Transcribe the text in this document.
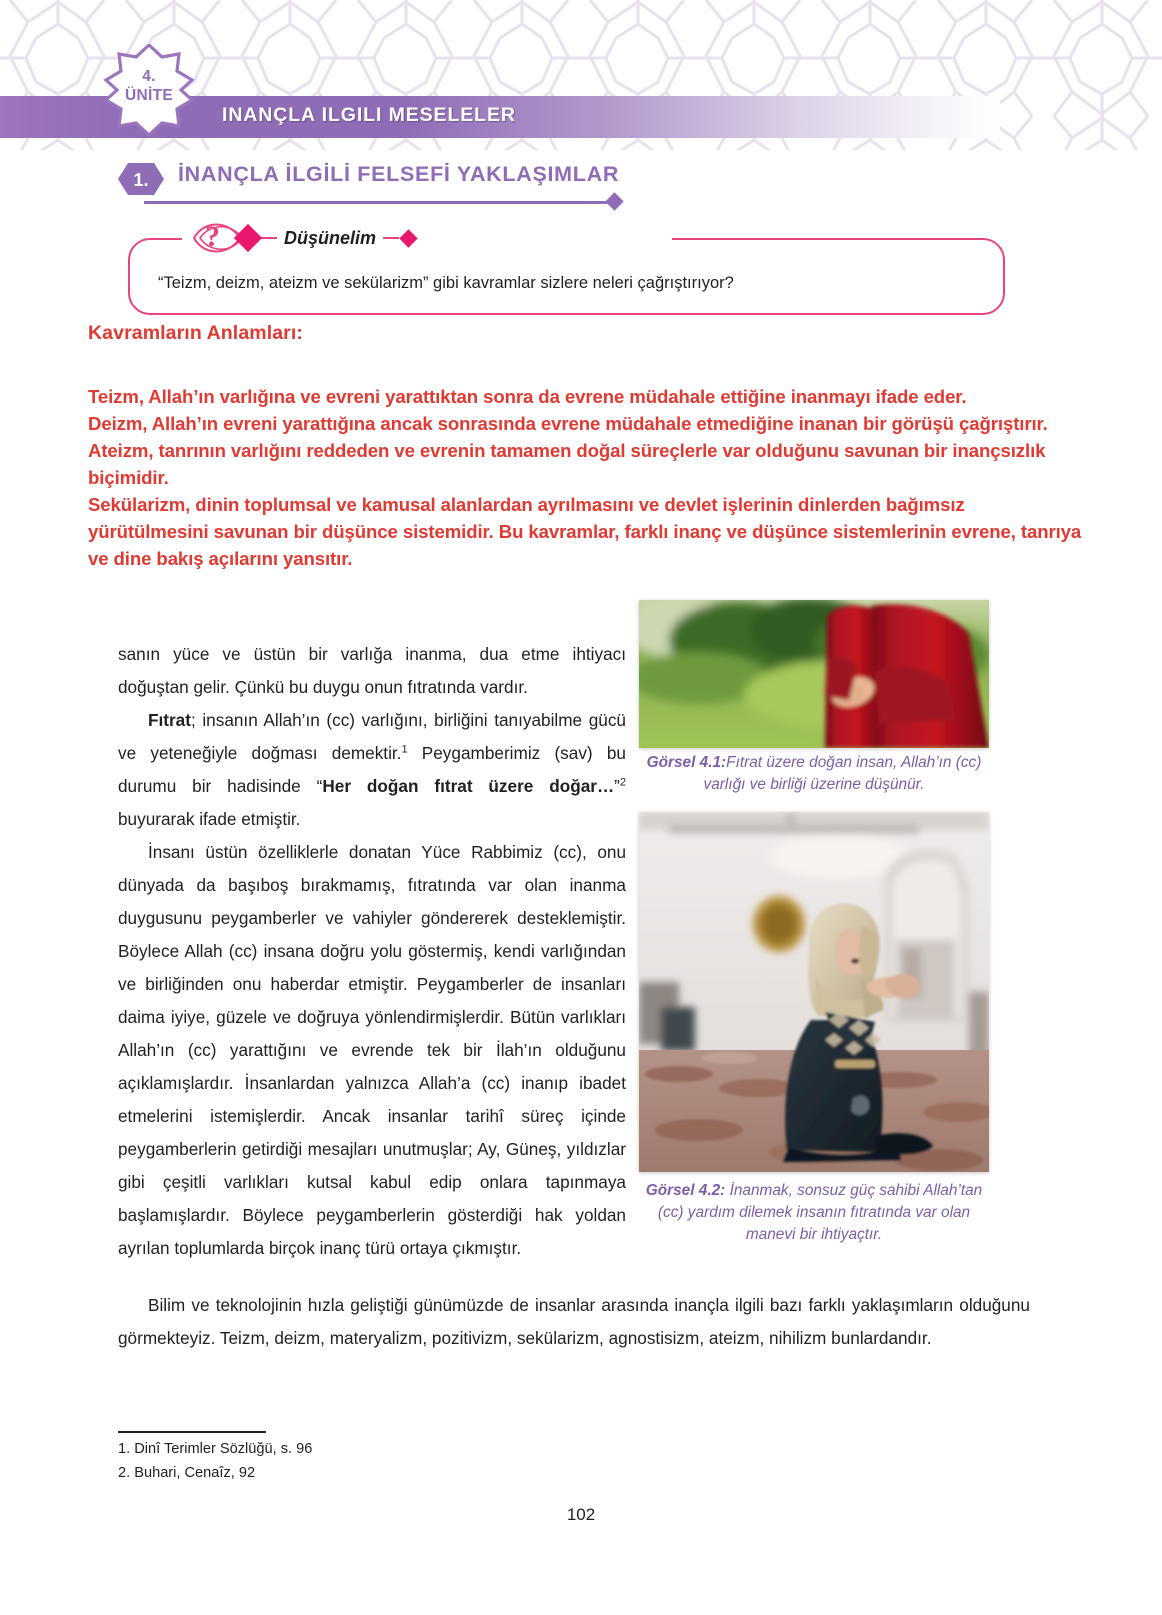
INANÇLA ILGILI MESELELER
4.
ÜNİTE
1.	İNANÇLA İLGİLİ FELSEFİ YAKLAŞIMLAR
?	Düşünelim
“Teizm, deizm, ateizm ve sekülarizm” gibi kavramlar sizlere neleri çağrıştırıyor?
Görsel 4.1:Fıtrat üzere doğan insan, Allah’ın (cc) varlığı ve birliği üzerine düşünür.
Görsel 4.2: İnanmak, sonsuz güç sahibi Allah’tan (cc) yardım dilemek insanın fıtratında var olan manevi bir ihtiyaçtır.

sanın yüce ve üstün bir varlığa inanma, dua etme ihtiyacı doğuştan gelir. Çünkü bu duygu onun fıtratında vardır.

Fıtrat; insanın Allah’ın (cc) varlığını, birliğini tanıyabilme gücü ve yeteneğiyle doğması demektir.$^1$ Peygamberimiz (sav) bu durumu bir hadisinde “Her doğan fıtrat üzere doğar…”$^2$ buyurarak ifade etmiştir.

İnsanı üstün özelliklerle donatan Yüce Rabbimiz (cc), onu dünyada da başıboş bırakmamış, fıtratında var olan inanma duygusunu peygamberler ve vahiyler göndererek desteklemiştir. Böylece Allah (cc) insana doğru yolu göstermiş, kendi varlığından ve birliğinden onu haberdar etmiştir. Peygamberler de insanları daima iyiye, güzele ve doğruya yönlendirmişlerdir. Bütün varlıkları Allah’ın (cc) yarattığını ve evrende tek bir İlah’ın olduğunu açıklamışlardır. İnsanlardan yalnızca Allah’a (cc) inanıp ibadet etmelerini istemişlerdir. Ancak insanlar tarihî süreç içinde peygamberlerin getirdiği mesajları unutmuşlar; Ay, Güneş, yıldızlar gibi çeşitli varlıkları kutsal kabul edip onlara tapınmaya başlamışlardır. Böylece peygamberlerin gösterdiği hak yoldan ayrılan toplumlarda birçok inanç türü ortaya çıkmıştır.

Bilim ve teknolojinin hızla geliştiği günümüzde de insanlar arasında inançla ilgili bazı farklı yaklaşımların olduğunu görmekteyiz. Teizm, deizm, materyalizm, pozitivizm, sekülarizm, agnostisizm, ateizm, nihilizm bunlardandır.

1. Dinî Terimler Sözlüğü, s. 96
2. Buhari, Cenaîz, 92
Kavramların Anlamları:
Teizm, Allah’ın varlığına ve evreni yarattıktan sonra da evrene müdahale ettiğine inanmayı ifade eder.
Deizm, Allah’ın evreni yarattığına ancak sonrasında evrene müdahale etmediğine inanan bir görüşü çağrıştırır.
Ateizm, tanrının varlığını reddeden ve evrenin tamamen doğal süreçlerle var olduğunu savunan bir inançsızlık biçimidir.
Sekülarizm, dinin toplumsal ve kamusal alanlardan ayrılmasını ve devlet işlerinin dinlerden bağımsız yürütülmesini savunan bir düşünce sistemidir. Bu kavramlar, farklı inanç ve düşünce sistemlerinin evrene, tanrıya ve dine bakış açılarını yansıtır.
102
